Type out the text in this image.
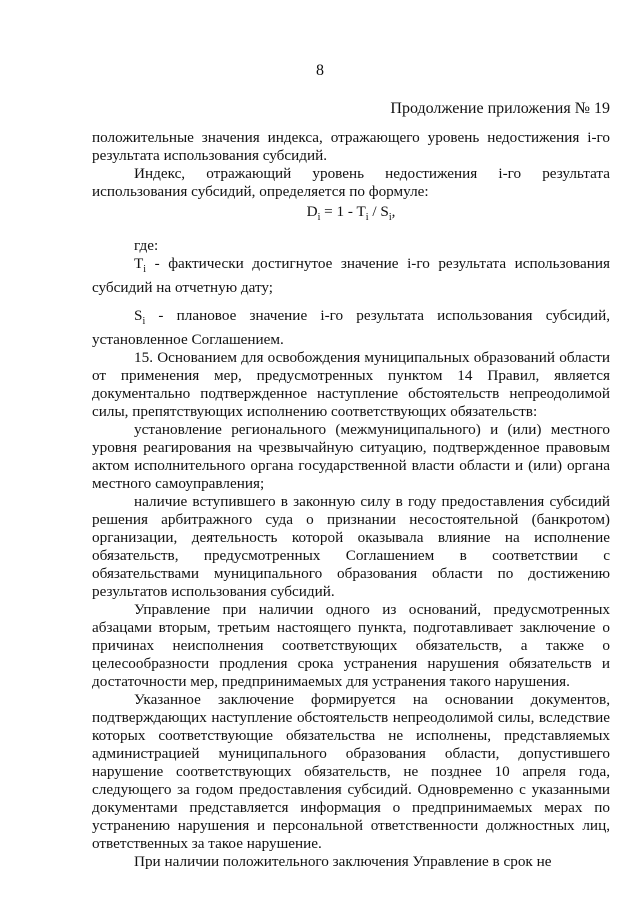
8
Продолжение приложения № 19

положительные значения индекса, отражающего уровень недостижения i-го результата использования субсидий.

Индекс, отражающий уровень недостижения i-го результата использования субсидий, определяется по формуле:

$D_i = 1 - T_i / S_i$,

где:

$T_i$ - фактически достигнутое значение i-го результата использования субсидий на отчетную дату;

$S_i$ - плановое значение i-го результата использования субсидий, установленное Соглашением.

15. Основанием для освобождения муниципальных образований области от применения мер, предусмотренных пунктом 14 Правил, является документально подтвержденное наступление обстоятельств непреодолимой силы, препятствующих исполнению соответствующих обязательств:

установление регионального (межмуниципального) и (или) местного уровня реагирования на чрезвычайную ситуацию, подтвержденное правовым актом исполнительного органа государственной власти области и (или) органа местного самоуправления;

наличие вступившего в законную силу в году предоставления субсидий решения арбитражного суда о признании несостоятельной (банкротом) организации, деятельность которой оказывала влияние на исполнение обязательств, предусмотренных Соглашением в соответствии с обязательствами муниципального образования области по достижению результатов использования субсидий.

Управление при наличии одного из оснований, предусмотренных абзацами вторым, третьим настоящего пункта, подготавливает заключение о причинах неисполнения соответствующих обязательств, а также о целесообразности продления срока устранения нарушения обязательств и достаточности мер, предпринимаемых для устранения такого нарушения.

Указанное заключение формируется на основании документов, подтверждающих наступление обстоятельств непреодолимой силы, вследствие которых соответствующие обязательства не исполнены, представляемых администрацией муниципального образования области, допустившего нарушение соответствующих обязательств, не позднее 10 апреля года, следующего за годом предоставления субсидий. Одновременно с указанными документами представляется информация о предпринимаемых мерах по устранению нарушения и персональной ответственности должностных лиц, ответственных за такое нарушение.

При наличии положительного заключения Управление в срок не
